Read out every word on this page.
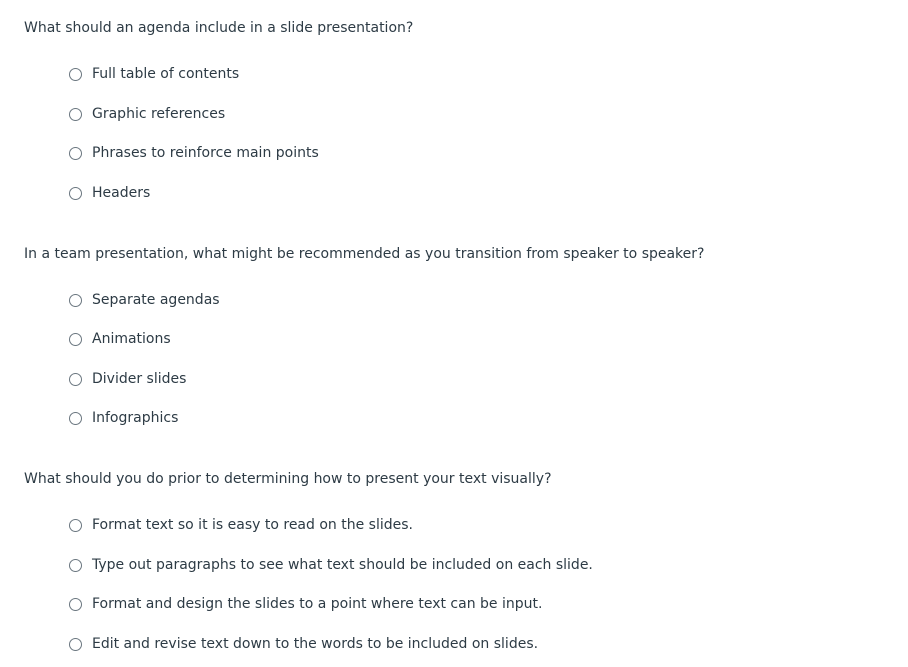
What should an agenda include in a slide presentation?

Full table of contents
Graphic references
Phrases to reinforce main points
Headers

In a team presentation, what might be recommended as you transition from speaker to speaker?

Separate agendas
Animations
Divider slides
Infographics

What should you do prior to determining how to present your text visually?

Format text so it is easy to read on the slides.
Type out paragraphs to see what text should be included on each slide.
Format and design the slides to a point where text can be input.
Edit and revise text down to the words to be included on slides.
